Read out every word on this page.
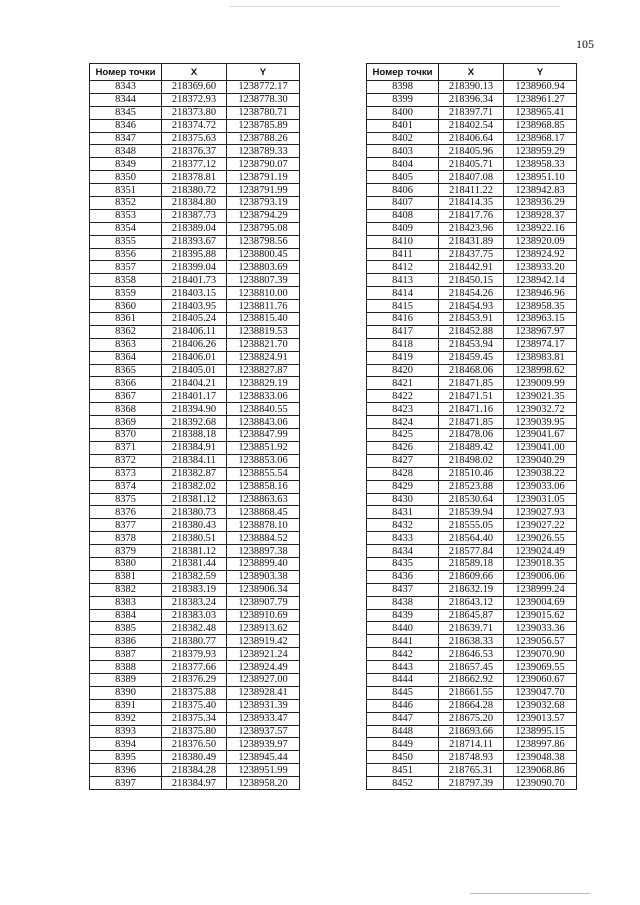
105
Номер точки	X	Y
8343	218369.60	1238772.17
8344	218372.93	1238778.30
8345	218373.80	1238780.71
8346	218374.72	1238785.89
8347	218375.63	1238788.26
8348	218376.37	1238789.33
8349	218377.12	1238790.07
8350	218378.81	1238791.19
8351	218380.72	1238791.99
8352	218384.80	1238793.19
8353	218387.73	1238794.29
8354	218389.04	1238795.08
8355	218393.67	1238798.56
8356	218395.88	1238800.45
8357	218399.04	1238803.69
8358	218401.73	1238807.39
8359	218403.15	1238810.00
8360	218403.95	1238811.76
8361	218405.24	1238815.40
8362	218406.11	1238819.53
8363	218406.26	1238821.70
8364	218406.01	1238824.91
8365	218405.01	1238827.87
8366	218404.21	1238829.19
8367	218401.17	1238833.06
8368	218394.90	1238840.55
8369	218392.68	1238843.06
8370	218388.18	1238847.99
8371	218384.91	1238851.92
8372	218384.11	1238853.06
8373	218382.87	1238855.54
8374	218382.02	1238858.16
8375	218381.12	1238863.63
8376	218380.73	1238868.45
8377	218380.43	1238878.10
8378	218380.51	1238884.52
8379	218381.12	1238897.38
8380	218381.44	1238899.40
8381	218382.59	1238903.38
8382	218383.19	1238906.34
8383	218383.24	1238907.79
8384	218383.03	1238910.69
8385	218382.48	1238913.62
8386	218380.77	1238919.42
8387	218379.93	1238921.24
8388	218377.66	1238924.49
8389	218376.29	1238927.00
8390	218375.88	1238928.41
8391	218375.40	1238931.39
8392	218375.34	1238933.47
8393	218375.80	1238937.57
8394	218376.50	1238939.97
8395	218380.49	1238945.44
8396	218384.28	1238951.99
8397	218384.97	1238958.20
Номер точки	X	Y
8398	218390.13	1238960.94
8399	218396.34	1238961.27
8400	218397.71	1238965.41
8401	218402.54	1238968.85
8402	218406.64	1238968.17
8403	218405.96	1238959.29
8404	218405.71	1238958.33
8405	218407.08	1238951.10
8406	218411.22	1238942.83
8407	218414.35	1238936.29
8408	218417.76	1238928.37
8409	218423.96	1238922.16
8410	218431.89	1238920.09
8411	218437.75	1238924.92
8412	218442.91	1238933.20
8413	218450.15	1238942.14
8414	218454.26	1238946.96
8415	218454.93	1238958.35
8416	218453.91	1238963.15
8417	218452.88	1238967.97
8418	218453.94	1238974.17
8419	218459.45	1238983.81
8420	218468.06	1238998.62
8421	218471.85	1239009.99
8422	218471.51	1239021.35
8423	218471.16	1239032.72
8424	218471.85	1239039.95
8425	218478.06	1239041.67
8426	218489.42	1239041.00
8427	218498.02	1239040.29
8428	218510.46	1239038.22
8429	218523.88	1239033.06
8430	218530.64	1239031.05
8431	218539.94	1239027.93
8432	218555.05	1239027.22
8433	218564.40	1239026.55
8434	218577.84	1239024.49
8435	218589.18	1239018.35
8436	218609.66	1239006.06
8437	218632.19	1238999.24
8438	218643.12	1239004.69
8439	218645.87	1239015.62
8440	218639.71	1239033.36
8441	218638.33	1239056.57
8442	218646.53	1239070.90
8443	218657.45	1239069.55
8444	218662.92	1239060.67
8445	218661.55	1239047.70
8446	218664.28	1239032.68
8447	218675.20	1239013.57
8448	218693.66	1238995.15
8449	218714.11	1238997.86
8450	218748.93	1239048.38
8451	218765.31	1239068.86
8452	218797.39	1239090.70
